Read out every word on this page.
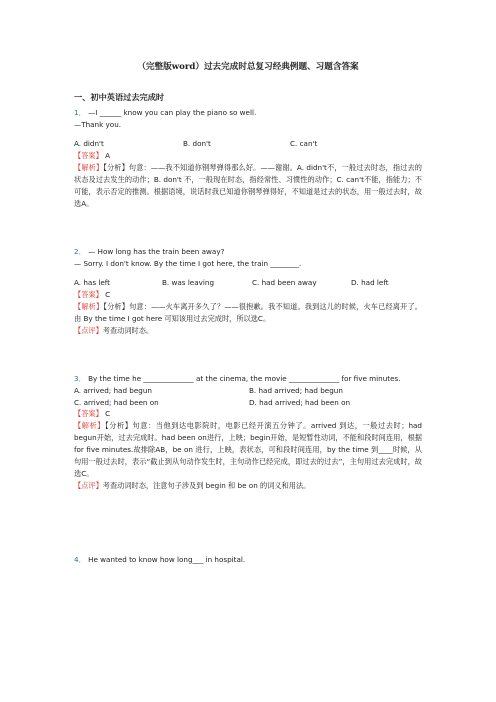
（完整版word）过去完成时总复习经典例题、习题含答案
一、初中英语过去完成时
1． —I ______ know you can play the piano so well.
—Thank you.
A. didn't	B. don't	C. can't
【答案】 A
【解析】【分析】句意：——我不知道你钢琴弹得那么好。——谢谢。A. didn't不，一般过去时态，指过去的状态及过去发生的动作；B. don't 不，一般现在时态，指经常性、习惯性的动作；C. can't不能，指能力；不可能，表示否定的推测。根据语境，说话时我已知道你钢琴弹得好，不知道是过去的状态，用一般过去时，故选A。
2． — How long has the train been away?
— Sorry. I don't know. By the time I got here, the train ________.
A. has left	B. was leaving	C. had been away	D. had left
【答案】 C
【解析】【分析】句意：——火车离开多久了？——很抱歉。我不知道。我到这儿的时候，火车已经离开了。由 By the time I got here 可知该用过去完成时，所以选C。
【点评】考查动词时态。
3． By the time he ______________ at the cinema, the movie ______________ for five minutes.
A. arrived; had begun	B. had arrived; had begun
C. arrived; had been on	D. had arrived; had been on
【答案】 C
【解析】【分析】句意：当他到达电影院时，电影已经开演五分钟了。arrived 到达，一般过去时；had begun开始，过去完成时。had been on进行，上映；begin开始，是短暂性动词，不能和段时间连用，根据 for five minutes.故排除AB，be on 进行，上映，表状态，可和段时间连用，by the time 到____时候，从句用一般过去时，表示“截止到从句动作发生时，主句动作已经完成，即过去的过去”，主句用过去完成时，故选C。
【点评】考查动词时态，注意句子涉及到 begin 和 be on 的词义和用法。
4． He wanted to know how long___ in hospital.
